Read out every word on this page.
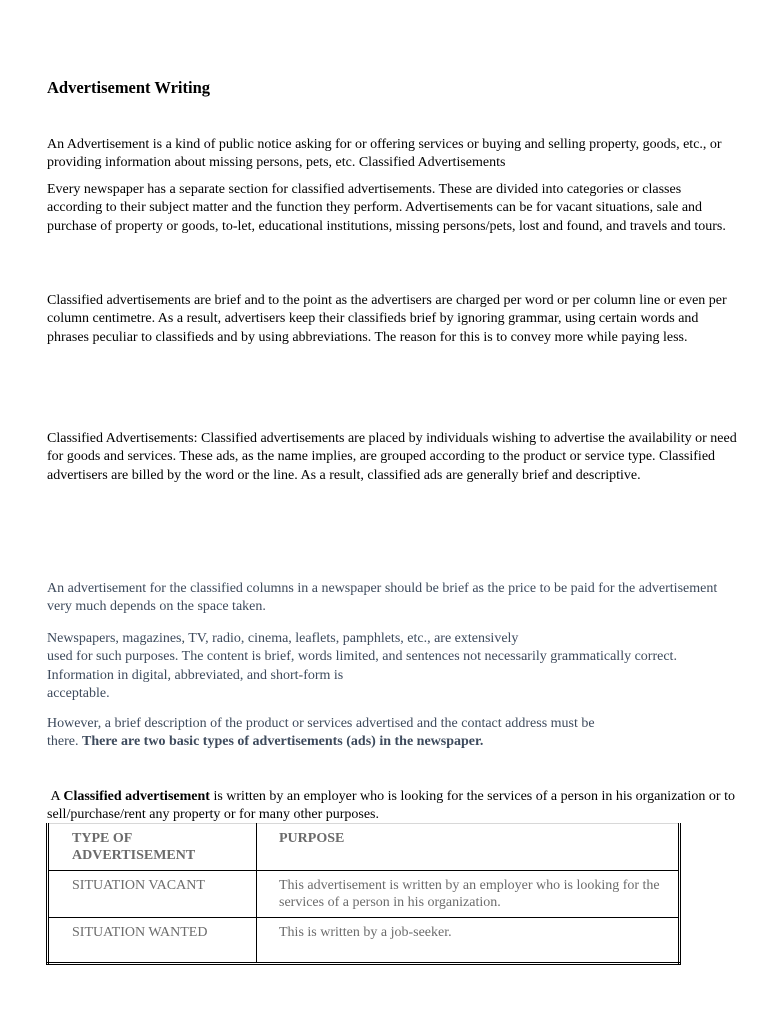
Advertisement Writing

An Advertisement is a kind of public notice asking for or offering services or buying and selling property, goods, etc., or providing information about missing persons, pets, etc. Classified Advertisements

Every newspaper has a separate section for classified advertisements. These are divided into categories or classes according to their subject matter and the function they perform. Advertisements can be for vacant situations, sale and purchase of property or goods, to-let, educational institutions, missing persons/pets, lost and found, and travels and tours.

Classified advertisements are brief and to the point as the advertisers are charged per word or per column line or even per column centimetre. As a result, advertisers keep their classifieds brief by ignoring grammar, using certain words and phrases peculiar to classifieds and by using abbreviations. The reason for this is to convey more while paying less.

Classified Advertisements: Classified advertisements are placed by individuals wishing to advertise the availability or need for goods and services. These ads, as the name implies, are grouped according to the product or service type. Classified advertisers are billed by the word or the line. As a result, classified ads are generally brief and descriptive.

An advertisement for the classified columns in a newspaper should be brief as the price to be paid for the advertisement very much depends on the space taken.

Newspapers, magazines, TV, radio, cinema, leaflets, pamphlets, etc., are extensively
used for such purposes. The content is brief, words limited, and sentences not necessarily grammatically correct. Information in digital, abbreviated, and short-form is
acceptable.
However, a brief description of the product or services advertised and the contact address must be
there. There are two basic types of advertisements (ads) in the newspaper.

A Classified advertisement is written by an employer who is looking for the services of a person in his organization or to sell/purchase/rent any property or for many other purposes.

TYPE OF ADVERTISEMENT	PURPOSE
SITUATION VACANT	This advertisement is written by an employer who is looking for the services of a person in his organization.
SITUATION WANTED	This is written by a job-seeker.
